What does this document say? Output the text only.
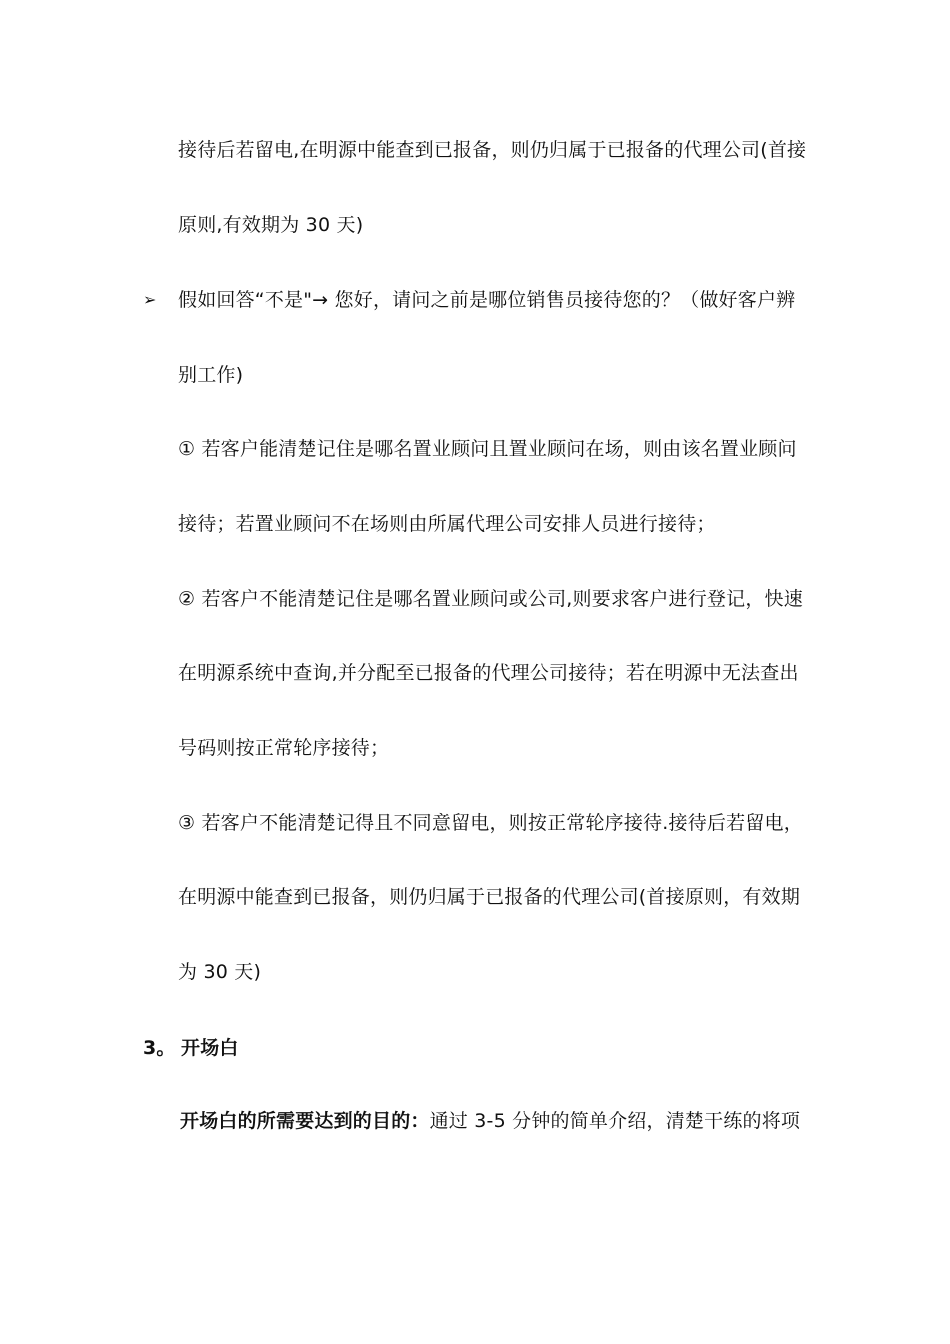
接待后若留电,在明源中能查到已报备，则仍归属于已报备的代理公司(首接
原则,有效期为 30 天)
➢ 假如回答“不是"→ 您好，请问之前是哪位销售员接待您的？（做好客户辨
别工作)
① 若客户能清楚记住是哪名置业顾问且置业顾问在场，则由该名置业顾问
接待；若置业顾问不在场则由所属代理公司安排人员进行接待；
② 若客户不能清楚记住是哪名置业顾问或公司,则要求客户进行登记，快速
在明源系统中查询,并分配至已报备的代理公司接待；若在明源中无法查出
号码则按正常轮序接待；
③ 若客户不能清楚记得且不同意留电，则按正常轮序接待.接待后若留电，
在明源中能查到已报备，则仍归属于已报备的代理公司(首接原则，有效期
为 30 天)
3。 开场白
开场白的所需要达到的目的：通过 3-5 分钟的简单介绍，清楚干练的将项
